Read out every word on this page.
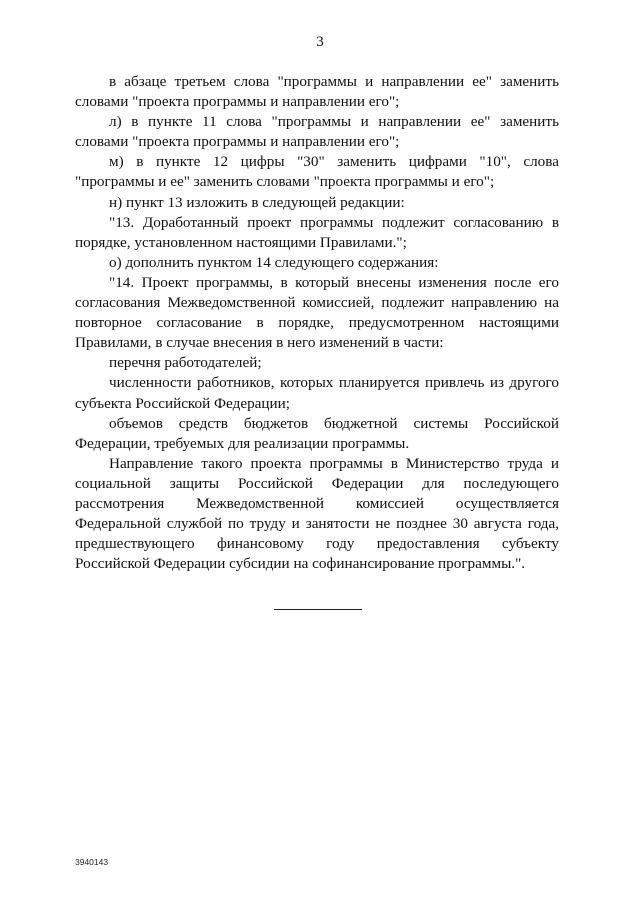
3

в абзаце третьем слова "программы и направлении ее" заменить словами "проекта программы и направлении его";

л) в пункте 11 слова "программы и направлении ее" заменить словами "проекта программы и направлении его";

м) в пункте 12 цифры "30" заменить цифрами "10", слова "программы и ее" заменить словами "проекта программы и его";

н) пункт 13 изложить в следующей редакции:

"13. Доработанный проект программы подлежит согласованию в порядке, установленном настоящими Правилами.";

о) дополнить пунктом 14 следующего содержания:

"14. Проект программы, в который внесены изменения после его согласования Межведомственной комиссией, подлежит направлению на повторное согласование в порядке, предусмотренном настоящими Правилами, в случае внесения в него изменений в части:

перечня работодателей;

численности работников, которых планируется привлечь из другого субъекта Российской Федерации;

объемов средств бюджетов бюджетной системы Российской Федерации, требуемых для реализации программы.

Направление такого проекта программы в Министерство труда и социальной защиты Российской Федерации для последующего рассмотрения Межведомственной комиссией осуществляется Федеральной службой по труду и занятости не позднее 30 августа года, предшествующего финансовому году предоставления субъекту Российской Федерации субсидии на софинансирование программы.".

3940143
